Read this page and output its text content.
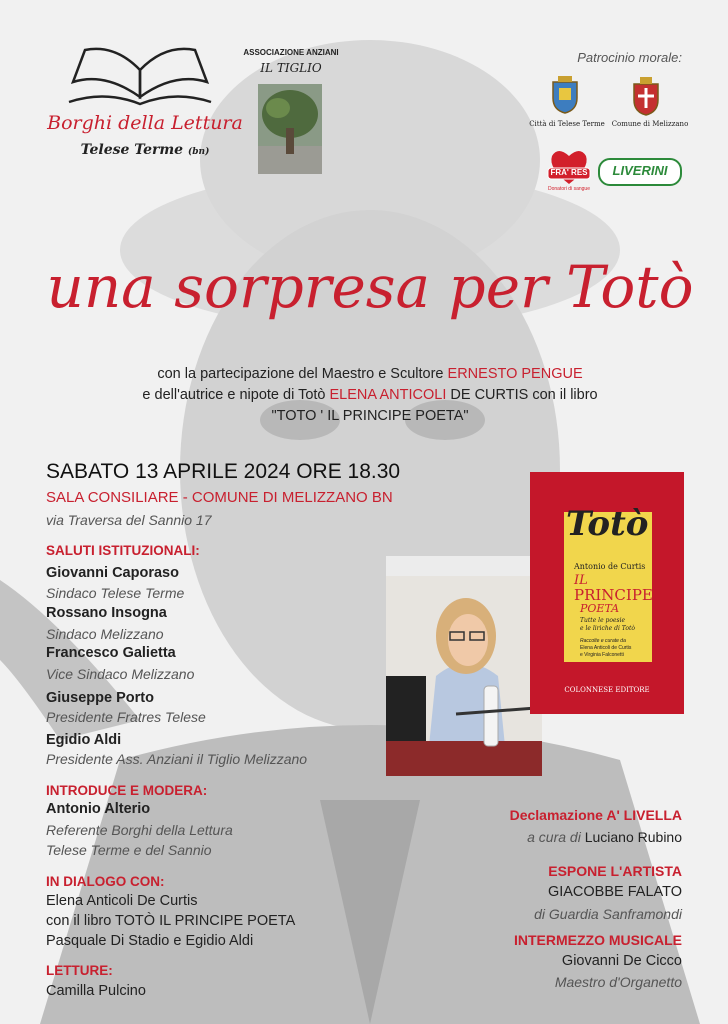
Borghi della Lettura
Telese Terme (bn)
ASSOCIAZIONE ANZIANI
IL TIGLIO
Patrocinio morale:
Città di Telese Terme Comune di Melizzano
FRA' RES
Donatori di sangue
LIVERINI
una sorpresa per Totò
con la partecipazione del Maestro e Scultore ERNESTO PENGUE
e dell'autrice e nipote di Totò ELENA ANTICOLI DE CURTIS con il libro
"TOTO ' IL PRINCIPE POETA"
SABATO 13 APRILE 2024 ORE 18.30
SALA CONSILIARE - COMUNE DI MELIZZANO BN
via Traversa del Sannio 17
SALUTI ISTITUZIONALI:
Giovanni Caporaso
Sindaco Telese Terme
Rossano Insogna
Sindaco Melizzano
Francesco Galietta
Vice Sindaco Melizzano
Giuseppe Porto
Presidente Fratres Telese
Egidio Aldi
Presidente Ass. Anziani il Tiglio Melizzano
INTRODUCE E MODERA:
Antonio Alterio
Referente Borghi della Lettura
Telese Terme e del Sannio
IN DIALOGO CON:
Elena Anticoli De Curtis
con il libro TOTÒ IL PRINCIPE POETA
Pasquale Di Stadio e Egidio Aldi
LETTURE:
Camilla Pulcino
Totò
Antonio de Curtis
IL
PRINCIPE
POETA
Tutte le poesie
e le liriche di Totò
Raccolte e curate da
Elena Anticoli de Curtis
e Virginia Falconetti
COLONNESE EDITORE
Declamazione A' LIVELLA
a cura di Luciano Rubino
ESPONE L'ARTISTA
GIACOBBE FALATO
di Guardia Sanframondi
INTERMEZZO MUSICALE
Giovanni De Cicco
Maestro d'Organetto
